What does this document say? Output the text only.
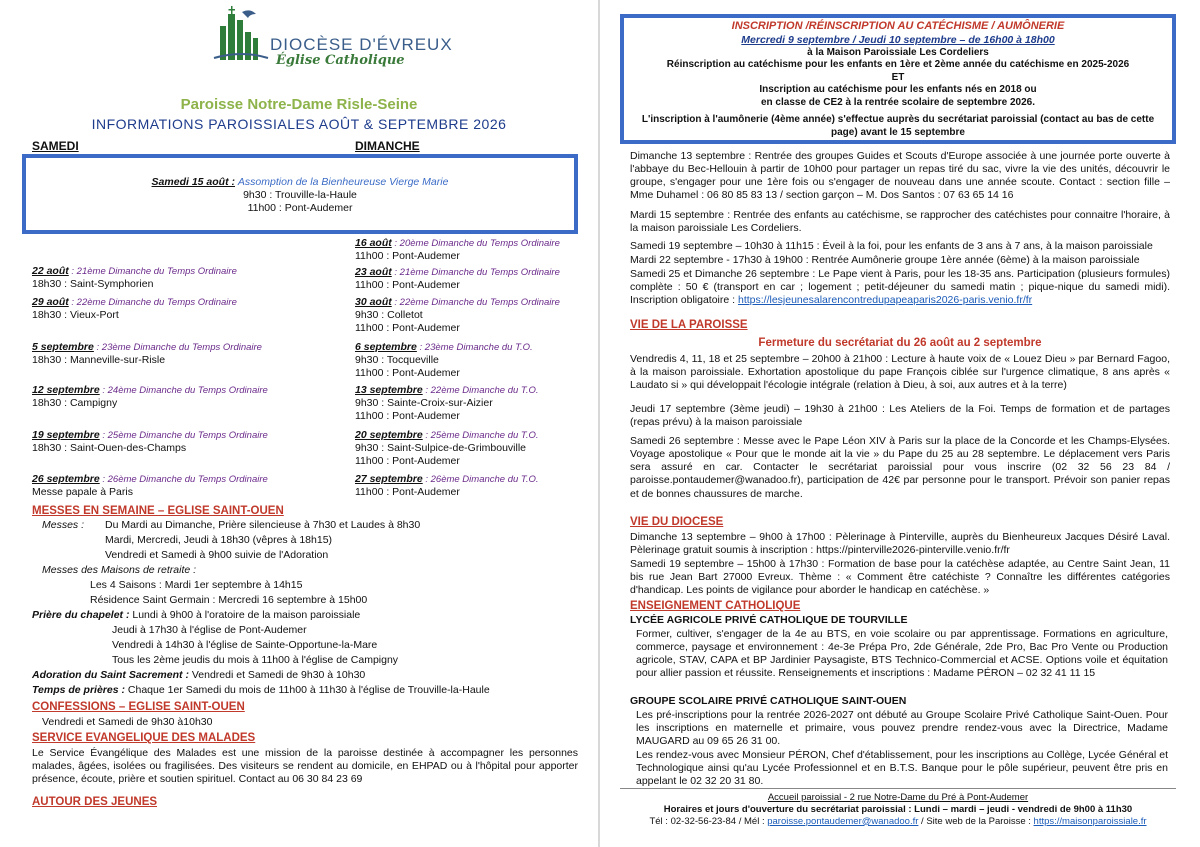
DIOCÈSE D'ÉVREUX
Église Catholique
Paroisse Notre-Dame Risle-Seine
INFORMATIONS PAROISSIALES AOÛT & SEPTEMBRE 2026
SAMEDI	DIMANCHE
Samedi 15 août : Assomption de la Bienheureuse Vierge Marie
9h30 : Trouville-la-Haule
11h00 : Pont-Audemer
22 août : 21ème Dimanche du Temps Ordinaire
18h30 : Saint-Symphorien
29 août : 22ème Dimanche du Temps Ordinaire
18h30 : Vieux-Port
5 septembre : 23ème Dimanche du Temps Ordinaire
18h30 : Manneville-sur-Risle
12 septembre : 24ème Dimanche du Temps Ordinaire
18h30 : Campigny
19 septembre : 25ème Dimanche du Temps Ordinaire
18h30 : Saint-Ouen-des-Champs
26 septembre : 26ème Dimanche du Temps Ordinaire
Messe papale à Paris
16 août : 20ème Dimanche du Temps Ordinaire
11h00 : Pont-Audemer
23 août : 21ème Dimanche du Temps Ordinaire
11h00 : Pont-Audemer
30 août : 22ème Dimanche du Temps Ordinaire
9h30 : Colletot
11h00 : Pont-Audemer
6 septembre : 23ème Dimanche du T.O.
9h30 : Tocqueville
11h00 : Pont-Audemer
13 septembre : 22ème Dimanche du T.O.
9h30 : Sainte-Croix-sur-Aizier
11h00 : Pont-Audemer
20 septembre : 25ème Dimanche du T.O.
9h30 : Saint-Sulpice-de-Grimbouville
11h00 : Pont-Audemer
27 septembre : 26ème Dimanche du T.O.
11h00 : Pont-Audemer
MESSES EN SEMAINE – EGLISE SAINT-OUEN
Messes : Du Mardi au Dimanche, Prière silencieuse à 7h30 et Laudes à 8h30
Mardi, Mercredi, Jeudi à 18h30 (vêpres à 18h15)
Vendredi et Samedi à 9h00 suivie de l'Adoration
Messes des Maisons de retraite :
Les 4 Saisons : Mardi 1er septembre à 14h15
Résidence Saint Germain : Mercredi 16 septembre à 15h00
Prière du chapelet : Lundi à 9h00 à l'oratoire de la maison paroissiale
Jeudi à 17h30 à l'église de Pont-Audemer
Vendredi à 14h30 à l'église de Sainte-Opportune-la-Mare
Tous les 2ème jeudis du mois à 11h00 à l'église de Campigny
Adoration du Saint Sacrement : Vendredi et Samedi de 9h30 à 10h30
Temps de prières : Chaque 1er Samedi du mois de 11h00 à 11h30 à l'église de Trouville-la-Haule
CONFESSIONS – EGLISE SAINT-OUEN
Vendredi et Samedi de 9h30 à10h30
SERVICE EVANGELIQUE DES MALADES
Le Service Évangélique des Malades est une mission de la paroisse destinée à accompagner les personnes malades, âgées, isolées ou fragilisées. Des visiteurs se rendent au domicile, en EHPAD ou à l'hôpital pour apporter présence, écoute, prière et soutien spirituel. Contact au 06 30 84 23 69
AUTOUR DES JEUNES
INSCRIPTION /RÉINSCRIPTION AU CATÉCHISME / AUMÔNERIE
Mercredi 9 septembre / Jeudi 10 septembre – de 16h00 à 18h00
à la Maison Paroissiale Les Cordeliers
Réinscription au catéchisme pour les enfants en 1ère et 2ème année du catéchisme en 2025-2026
ET
Inscription au catéchisme pour les enfants nés en 2018 ou
en classe de CE2 à la rentrée scolaire de septembre 2026.
L'inscription à l'aumônerie (4ème année) s'effectue auprès du secrétariat paroissial (contact au bas de cette page) avant le 15 septembre
Dimanche 13 septembre : Rentrée des groupes Guides et Scouts d'Europe associée à une journée porte ouverte à l'abbaye du Bec-Hellouin à partir de 10h00 pour partager un repas tiré du sac, vivre la vie des unités, découvrir le groupe, s'engager pour une 1ère fois ou s'engager de nouveau dans une année scoute. Contact : section fille – Mme Duhamel : 06 80 85 83 13 / section garçon – M. Dos Santos : 07 63 65 14 16
Mardi 15 septembre : Rentrée des enfants au catéchisme, se rapprocher des catéchistes pour connaitre l'horaire, à la maison paroissiale Les Cordeliers.
Samedi 19 septembre – 10h30 à 11h15 : Éveil à la foi, pour les enfants de 3 ans à 7 ans, à la maison paroissiale
Mardi 22 septembre - 17h30 à 19h00 : Rentrée Aumônerie groupe 1ère année (6ème) à la maison paroissiale
Samedi 25 et Dimanche 26 septembre : Le Pape vient à Paris, pour les 18-35 ans. Participation (plusieurs formules) complète : 50 € (transport en car ; logement ; petit-déjeuner du samedi matin ; pique-nique du samedi midi). Inscription obligatoire : https://lesjeunesalarencontredupapeaparis2026-paris.venio.fr/fr
VIE DE LA PAROISSE
Fermeture du secrétariat du 26 août au 2 septembre
Vendredis 4, 11, 18 et 25 septembre – 20h00 à 21h00 : Lecture à haute voix de « Louez Dieu » par Bernard Fagoo, à la maison paroissiale. Exhortation apostolique du pape François ciblée sur l'urgence climatique, 8 ans après « Laudato si » qui développait l'écologie intégrale (relation à Dieu, à soi, aux autres et à la terre)
Jeudi 17 septembre (3ème jeudi) – 19h30 à 21h00 : Les Ateliers de la Foi. Temps de formation et de partages (repas prévu) à la maison paroissiale
Samedi 26 septembre : Messe avec le Pape Léon XIV à Paris sur la place de la Concorde et les Champs-Elysées. Voyage apostolique « Pour que le monde ait la vie » du Pape du 25 au 28 septembre. Le déplacement vers Paris sera assuré en car. Contacter le secrétariat paroissial pour vous inscrire (02 32 56 23 84 / paroisse.pontaudemer@wanadoo.fr), participation de 42€ par personne pour le transport. Prévoir son panier repas et de bonnes chaussures de marche.
VIE DU DIOCESE
Dimanche 13 septembre – 9h00 à 17h00 : Pèlerinage à Pinterville, auprès du Bienheureux Jacques Désiré Laval. Pèlerinage gratuit soumis à inscription : https://pinterville2026-pinterville.venio.fr/fr
Samedi 19 septembre – 15h00 à 17h30 : Formation de base pour la catéchèse adaptée, au Centre Saint Jean, 11 bis rue Jean Bart 27000 Evreux. Thème : « Comment être catéchiste ? Connaître les différentes catégories d'handicap. Les points de vigilance pour aborder le handicap en catéchèse. »
ENSEIGNEMENT CATHOLIQUE
LYCÉE AGRICOLE PRIVÉ CATHOLIQUE DE TOURVILLE
Former, cultiver, s'engager de la 4e au BTS, en voie scolaire ou par apprentissage. Formations en agriculture, commerce, paysage et environnement : 4e-3e Prépa Pro, 2de Générale, 2de Pro, Bac Pro Vente ou Production agricole, STAV, CAPA et BP Jardinier Paysagiste, BTS Technico-Commercial et ACSE. Options voile et équitation pour allier passion et réussite. Renseignements et inscriptions : Madame PÉRON – 02 32 41 11 15
GROUPE SCOLAIRE PRIVÉ CATHOLIQUE SAINT-OUEN
Les pré-inscriptions pour la rentrée 2026-2027 ont débuté au Groupe Scolaire Privé Catholique Saint-Ouen. Pour les inscriptions en maternelle et primaire, vous pouvez prendre rendez-vous avec la Directrice, Madame MAUGARD au 09 65 26 31 00.
Les rendez-vous avec Monsieur PÉRON, Chef d'établissement, pour les inscriptions au Collège, Lycée Général et Technologique ainsi qu'au Lycée Professionnel et en B.T.S. Banque pour le pôle supérieur, peuvent être pris en appelant le 02 32 20 31 80.
Accueil paroissial - 2 rue Notre-Dame du Pré à Pont-Audemer
Horaires et jours d'ouverture du secrétariat paroissial : Lundi – mardi – jeudi - vendredi de 9h00 à 11h30
Tél : 02-32-56-23-84 / Mél : paroisse.pontaudemer@wanadoo.fr / Site web de la Paroisse : https://maisonparoissiale.fr
